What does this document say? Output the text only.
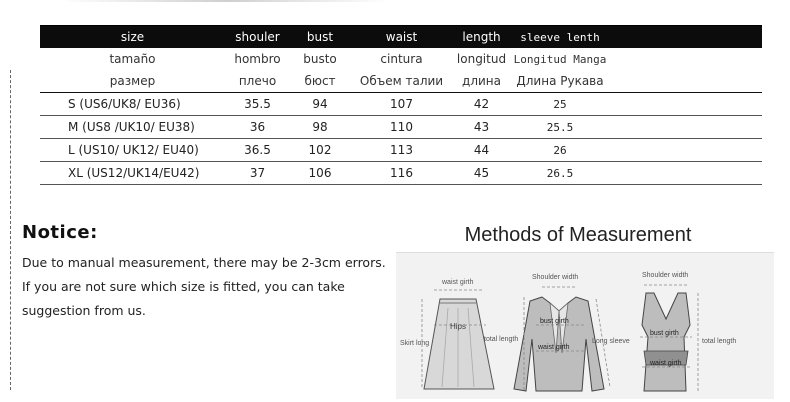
size	shouler	bust	waist	length	sleeve lenth	
tamaño	hombro	busto	cintura	longitud	Longitud Manga	
размер	плечо	бюст	Объем талии	длина	Длина Рукава	
S (US6/UK8/ EU36)	35.5	94	107	42	25	
M (US8 /UK10/ EU38)	36	98	110	43	25.5	
L (US10/ UK12/ EU40)	36.5	102	113	44	26	
XL (US12/UK14/EU42)	37	106	116	45	26.5	
Notice:
Due to manual measurement, there may be 2-3cm errors.
If you are not sure which size is fitted, you can take
suggestion from us.
Methods of Measurement
waist girth
Hips
Skirt long
Shoulder width
bust girth
waist girth
total length	Long sleeve
Shoulder width
bust girth
waist girth
total length
